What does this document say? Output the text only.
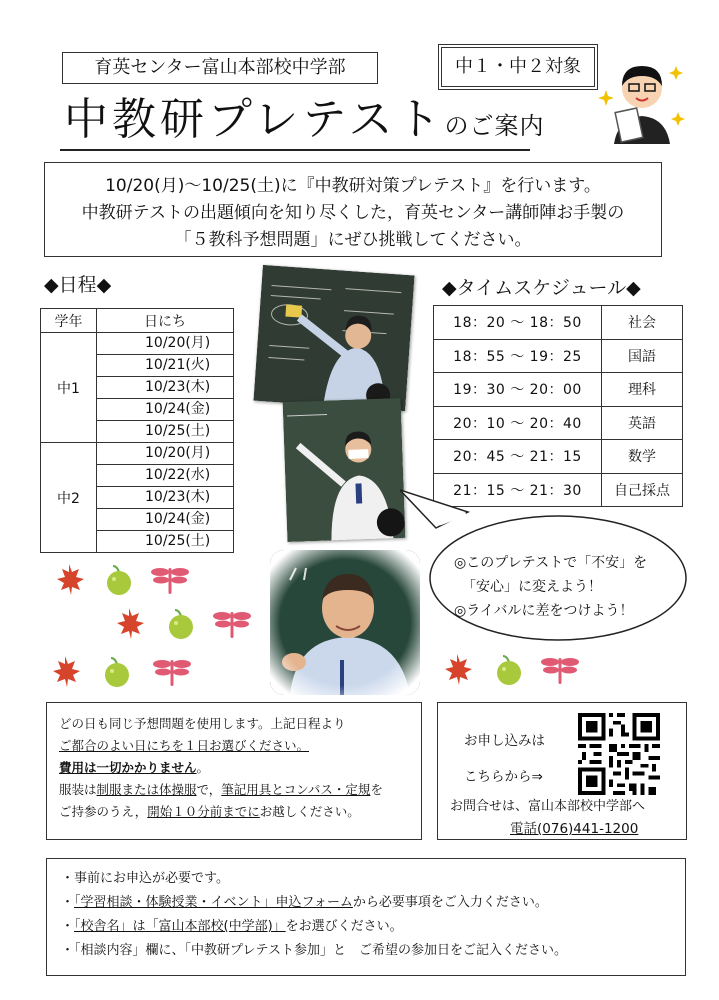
育英センター富山本部校中学部	中１・中２対象
中教研プレテストのご案内
10/20(月)～10/25(土)に『中教研対策プレテスト』を行います。
中教研テストの出題傾向を知り尽くした，育英センター講師陣お手製の
「５教科予想問題」にぜひ挑戦してください。
◆日程◆
学年	日にち
中1	10/20(月)
	10/21(火)
	10/23(木)
	10/24(金)
	10/25(土)
中2	10/20(月)
	10/22(水)
	10/23(木)
	10/24(金)
	10/25(土)
◆タイムスケジュール◆
18：20 ～ 18：50	社会
18：55 ～ 19：25	国語
19：30 ～ 20：00	理科
20：10 ～ 20：40	英語
20：45 ～ 21：15	数学
21：15 ～ 21：30	自己採点
◎このプレテストで「不安」を
「安心」に変えよう！
◎ライバルに差をつけよう！
どの日も同じ予想問題を使用します。上記日程より
ご都合のよい日にちを１日お選びください。
費用は一切かかりません。
服装は制服または体操服で，筆記用具とコンパス・定規を
ご持参のうえ，開始１０分前までにお越しください。
お申し込みは
こちらから⇒
お問合せは、富山本部校中学部へ
電話(076)441-1200
・事前にお申込が必要です。
・「学習相談・体験授業・イベント」申込フォームから必要事項をご入力ください。
・「校舎名」は「富山本部校(中学部)」をお選びください。
・「相談内容」欄に、「中教研プレテスト参加」と　ご希望の参加日をご記入ください。
